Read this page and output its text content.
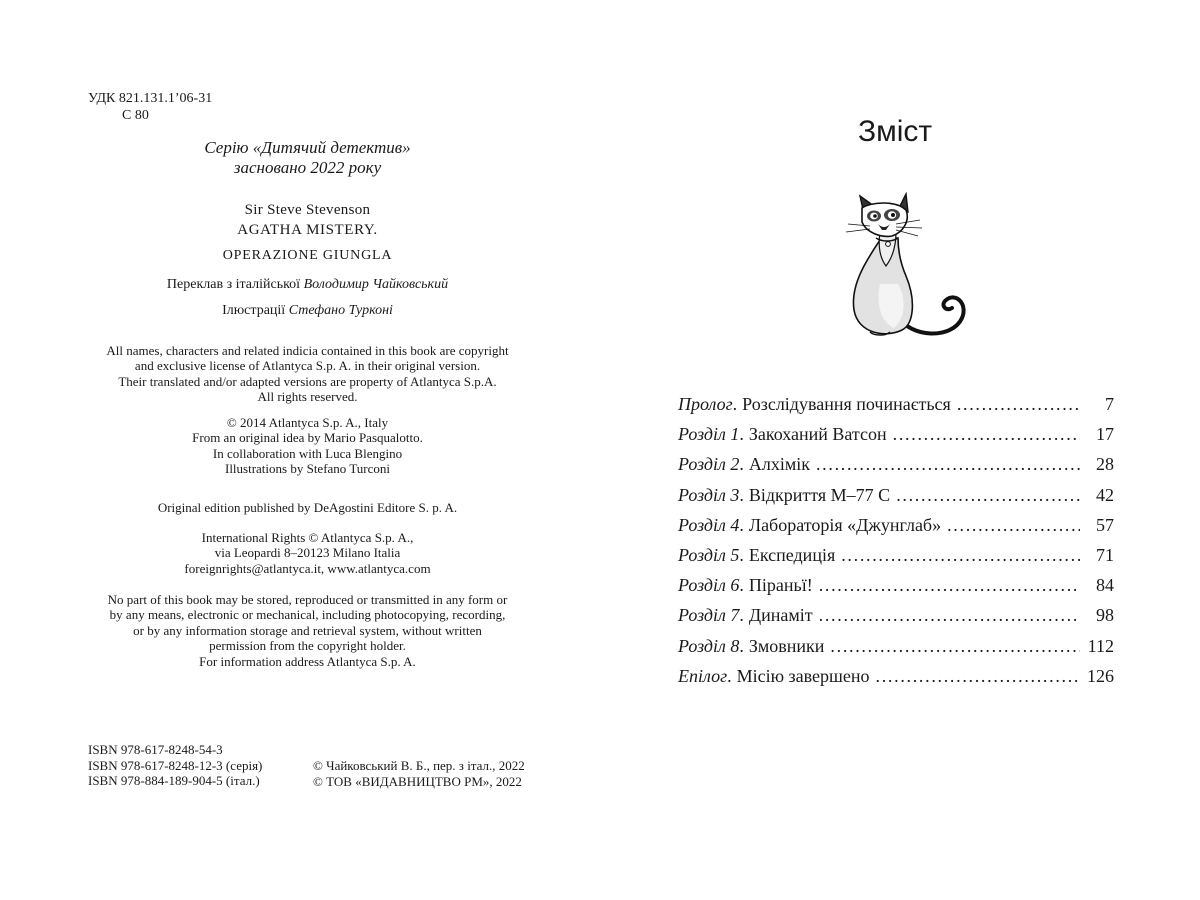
УДК 821.131.1’06-31
С 80
Серію «Дитячий детектив»
засновано 2022 року
Sir Steve Stevenson
AGATHA MISTERY.
OPERAZIONE GIUNGLA
Переклав з італійської Володимир Чайковський
Ілюстрації Стефано Турконі
All names, characters and related indicia contained in this book are copyright
and exclusive license of Atlantyca S.p. A. in their original version.
Their translated and/or adapted versions are property of Atlantyca S.p.A.
All rights reserved.
© 2014 Atlantyca S.p. A., Italy
From an original idea by Mario Pasqualotto.
In collaboration with Luca Blengino
Illustrations by Stefano Turconi
Original edition published by DeAgostini Editore S. p. A.
International Rights © Atlantyca S.p. A.,
via Leopardi 8–20123 Milano Italia
foreignrights@atlantyca.it, www.atlantyca.com
No part of this book may be stored, reproduced or transmitted in any form or
by any means, electronic or mechanical, including photocopying, recording,
or by any information storage and retrieval system, without written
permission from the copyright holder.
For information address Atlantyca S.p. A.
ISBN 978-617-8248-54-3
ISBN 978-617-8248-12-3 (серія)
ISBN 978-884-189-904-5 (італ.)
© Чайковський В. Б., пер. з італ., 2022
© ТОВ «ВИДАВНИЦТВО РМ», 2022
Зміст
Пролог . Розслідування починається . . .	7
Розділ 1 . Закоханий Ватсон . . .	17
Розділ 2 . Алхімік . . .	28
Розділ 3 . Відкриття М–77 С . . .	42
Розділ 4 . Лабораторія «Джунглаб» . . .	57
Розділ 5 . Експедиція . . .	71
Розділ 6 . Піраньї! . . .	84
Розділ 7 . Динаміт . . .	98
Розділ 8 . Змовники . . .	112
Епілог . Місію завершено . . .	126
